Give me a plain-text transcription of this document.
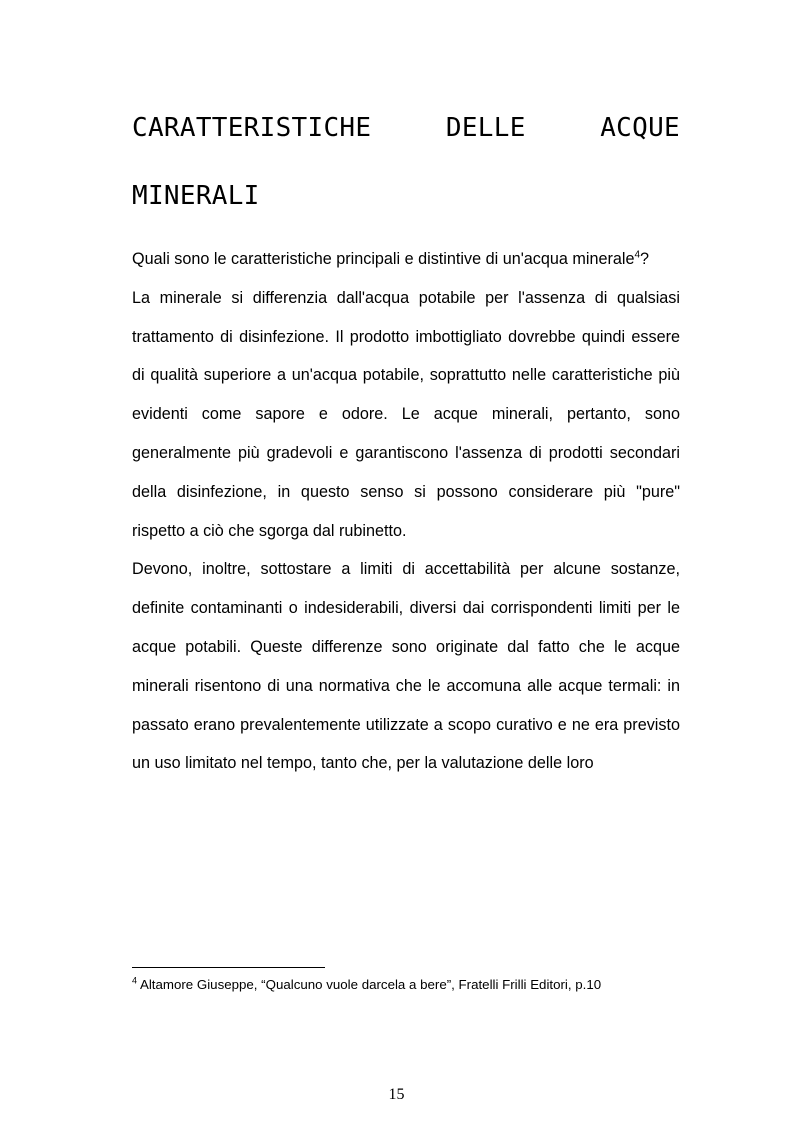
CARATTERISTICHE	DELLE	ACQUE
MINERALI

Quali sono le caratteristiche principali e distintive di un'acqua minerale$^4$?

La minerale si differenzia dall'acqua potabile per l'assenza di qualsiasi trattamento di disinfezione. Il prodotto imbottigliato dovrebbe quindi essere di qualità superiore a un'acqua potabile, soprattutto nelle caratteristiche più evidenti come sapore e odore. Le acque minerali, pertanto, sono generalmente più gradevoli e garantiscono l'assenza di prodotti secondari della disinfezione, in questo senso si possono considerare più "pure" rispetto a ciò che sgorga dal rubinetto.

Devono, inoltre, sottostare a limiti di accettabilità per alcune sostanze, definite contaminanti o indesiderabili, diversi dai corrispondenti limiti per le acque potabili. Queste differenze sono originate dal fatto che le acque minerali risentono di una normativa che le accomuna alle acque termali: in passato erano prevalentemente utilizzate a scopo curativo e ne era previsto un uso limitato nel tempo, tanto che, per la valutazione delle loro

$^4$ Altamore Giuseppe, “Qualcuno vuole darcela a bere”, Fratelli Frilli Editori, p.10

15
